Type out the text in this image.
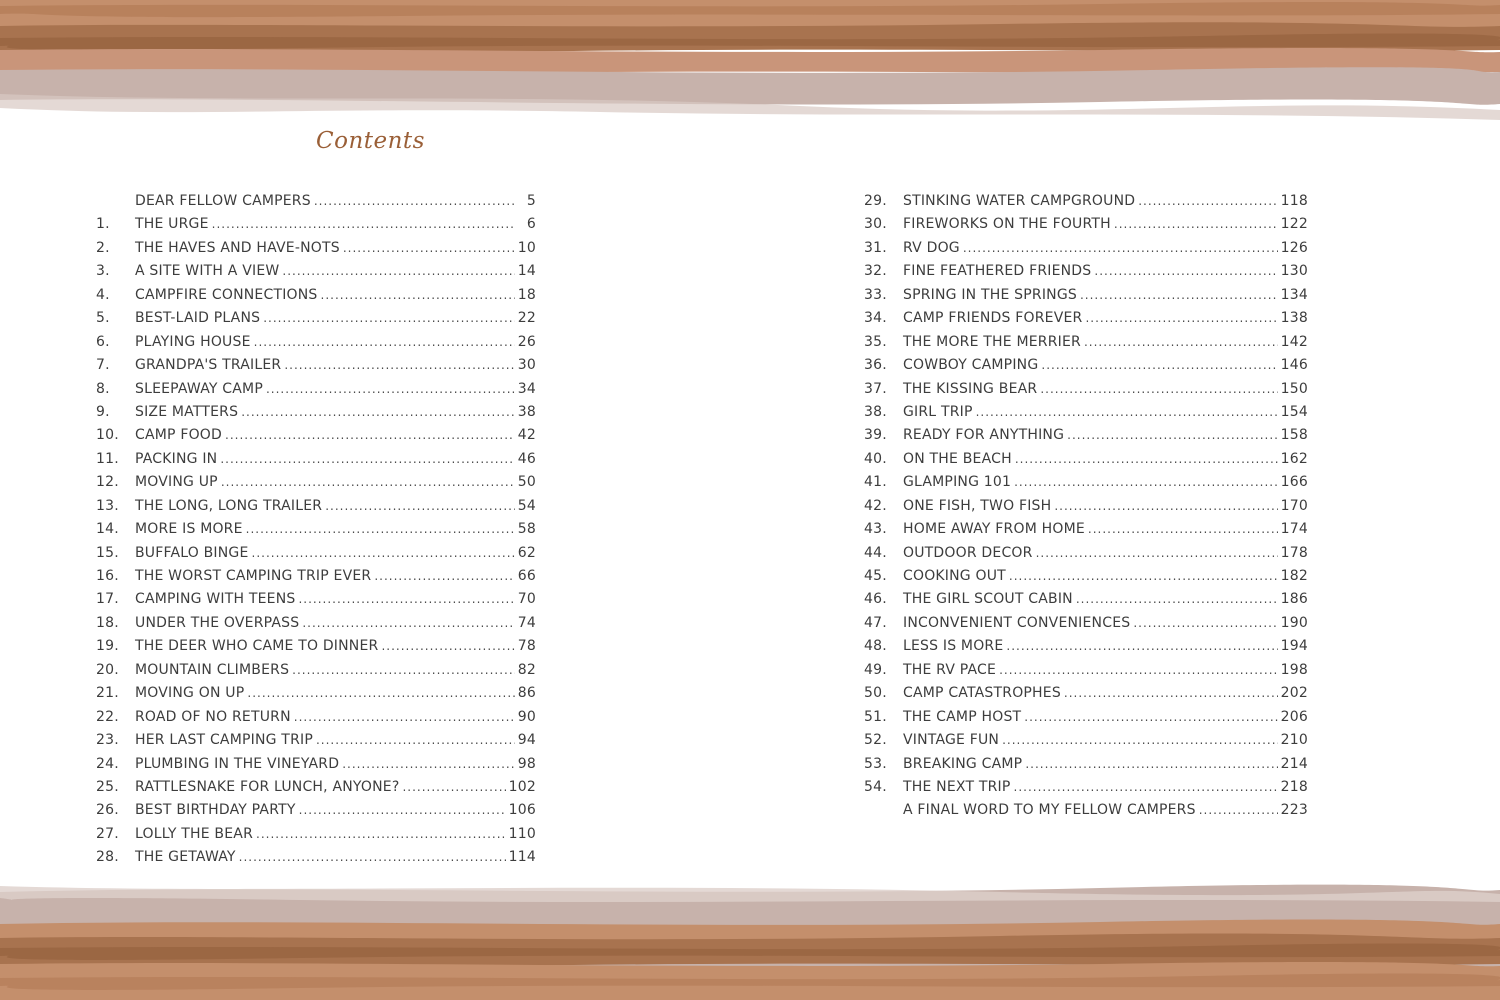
Contents
DEAR FELLOW CAMPERS .....	5
1.	THE URGE .....	6
2.	THE HAVES AND HAVE-NOTS .....	10
3.	A SITE WITH A VIEW .....	14
4.	CAMPFIRE CONNECTIONS .....	18
5.	BEST-LAID PLANS .....	22
6.	PLAYING HOUSE .....	26
7.	GRANDPA'S TRAILER .....	30
8.	SLEEPAWAY CAMP .....	34
9.	SIZE MATTERS .....	38
10.	CAMP FOOD .....	42
11.	PACKING IN .....	46
12.	MOVING UP .....	50
13.	THE LONG, LONG TRAILER .....	54
14.	MORE IS MORE .....	58
15.	BUFFALO BINGE .....	62
16.	THE WORST CAMPING TRIP EVER .....	66
17.	CAMPING WITH TEENS .....	70
18.	UNDER THE OVERPASS .....	74
19.	THE DEER WHO CAME TO DINNER .....	78
20.	MOUNTAIN CLIMBERS .....	82
21.	MOVING ON UP .....	86
22.	ROAD OF NO RETURN .....	90
23.	HER LAST CAMPING TRIP .....	94
24.	PLUMBING IN THE VINEYARD .....	98
25.	RATTLESNAKE FOR LUNCH, ANYONE? .....	102
26.	BEST BIRTHDAY PARTY .....	106
27.	LOLLY THE BEAR .....	110
28.	THE GETAWAY .....	114
29.	STINKING WATER CAMPGROUND .....	118
30.	FIREWORKS ON THE FOURTH .....	122
31.	RV DOG .....	126
32.	FINE FEATHERED FRIENDS .....	130
33.	SPRING IN THE SPRINGS .....	134
34.	CAMP FRIENDS FOREVER .....	138
35.	THE MORE THE MERRIER .....	142
36.	COWBOY CAMPING .....	146
37.	THE KISSING BEAR .....	150
38.	GIRL TRIP .....	154
39.	READY FOR ANYTHING .....	158
40.	ON THE BEACH .....	162
41.	GLAMPING 101 .....	166
42.	ONE FISH, TWO FISH .....	170
43.	HOME AWAY FROM HOME .....	174
44.	OUTDOOR DECOR .....	178
45.	COOKING OUT .....	182
46.	THE GIRL SCOUT CABIN .....	186
47.	INCONVENIENT CONVENIENCES .....	190
48.	LESS IS MORE .....	194
49.	THE RV PACE .....	198
50.	CAMP CATASTROPHES .....	202
51.	THE CAMP HOST .....	206
52.	VINTAGE FUN .....	210
53.	BREAKING CAMP .....	214
54.	THE NEXT TRIP .....	218
A FINAL WORD TO MY FELLOW CAMPERS .....	223
